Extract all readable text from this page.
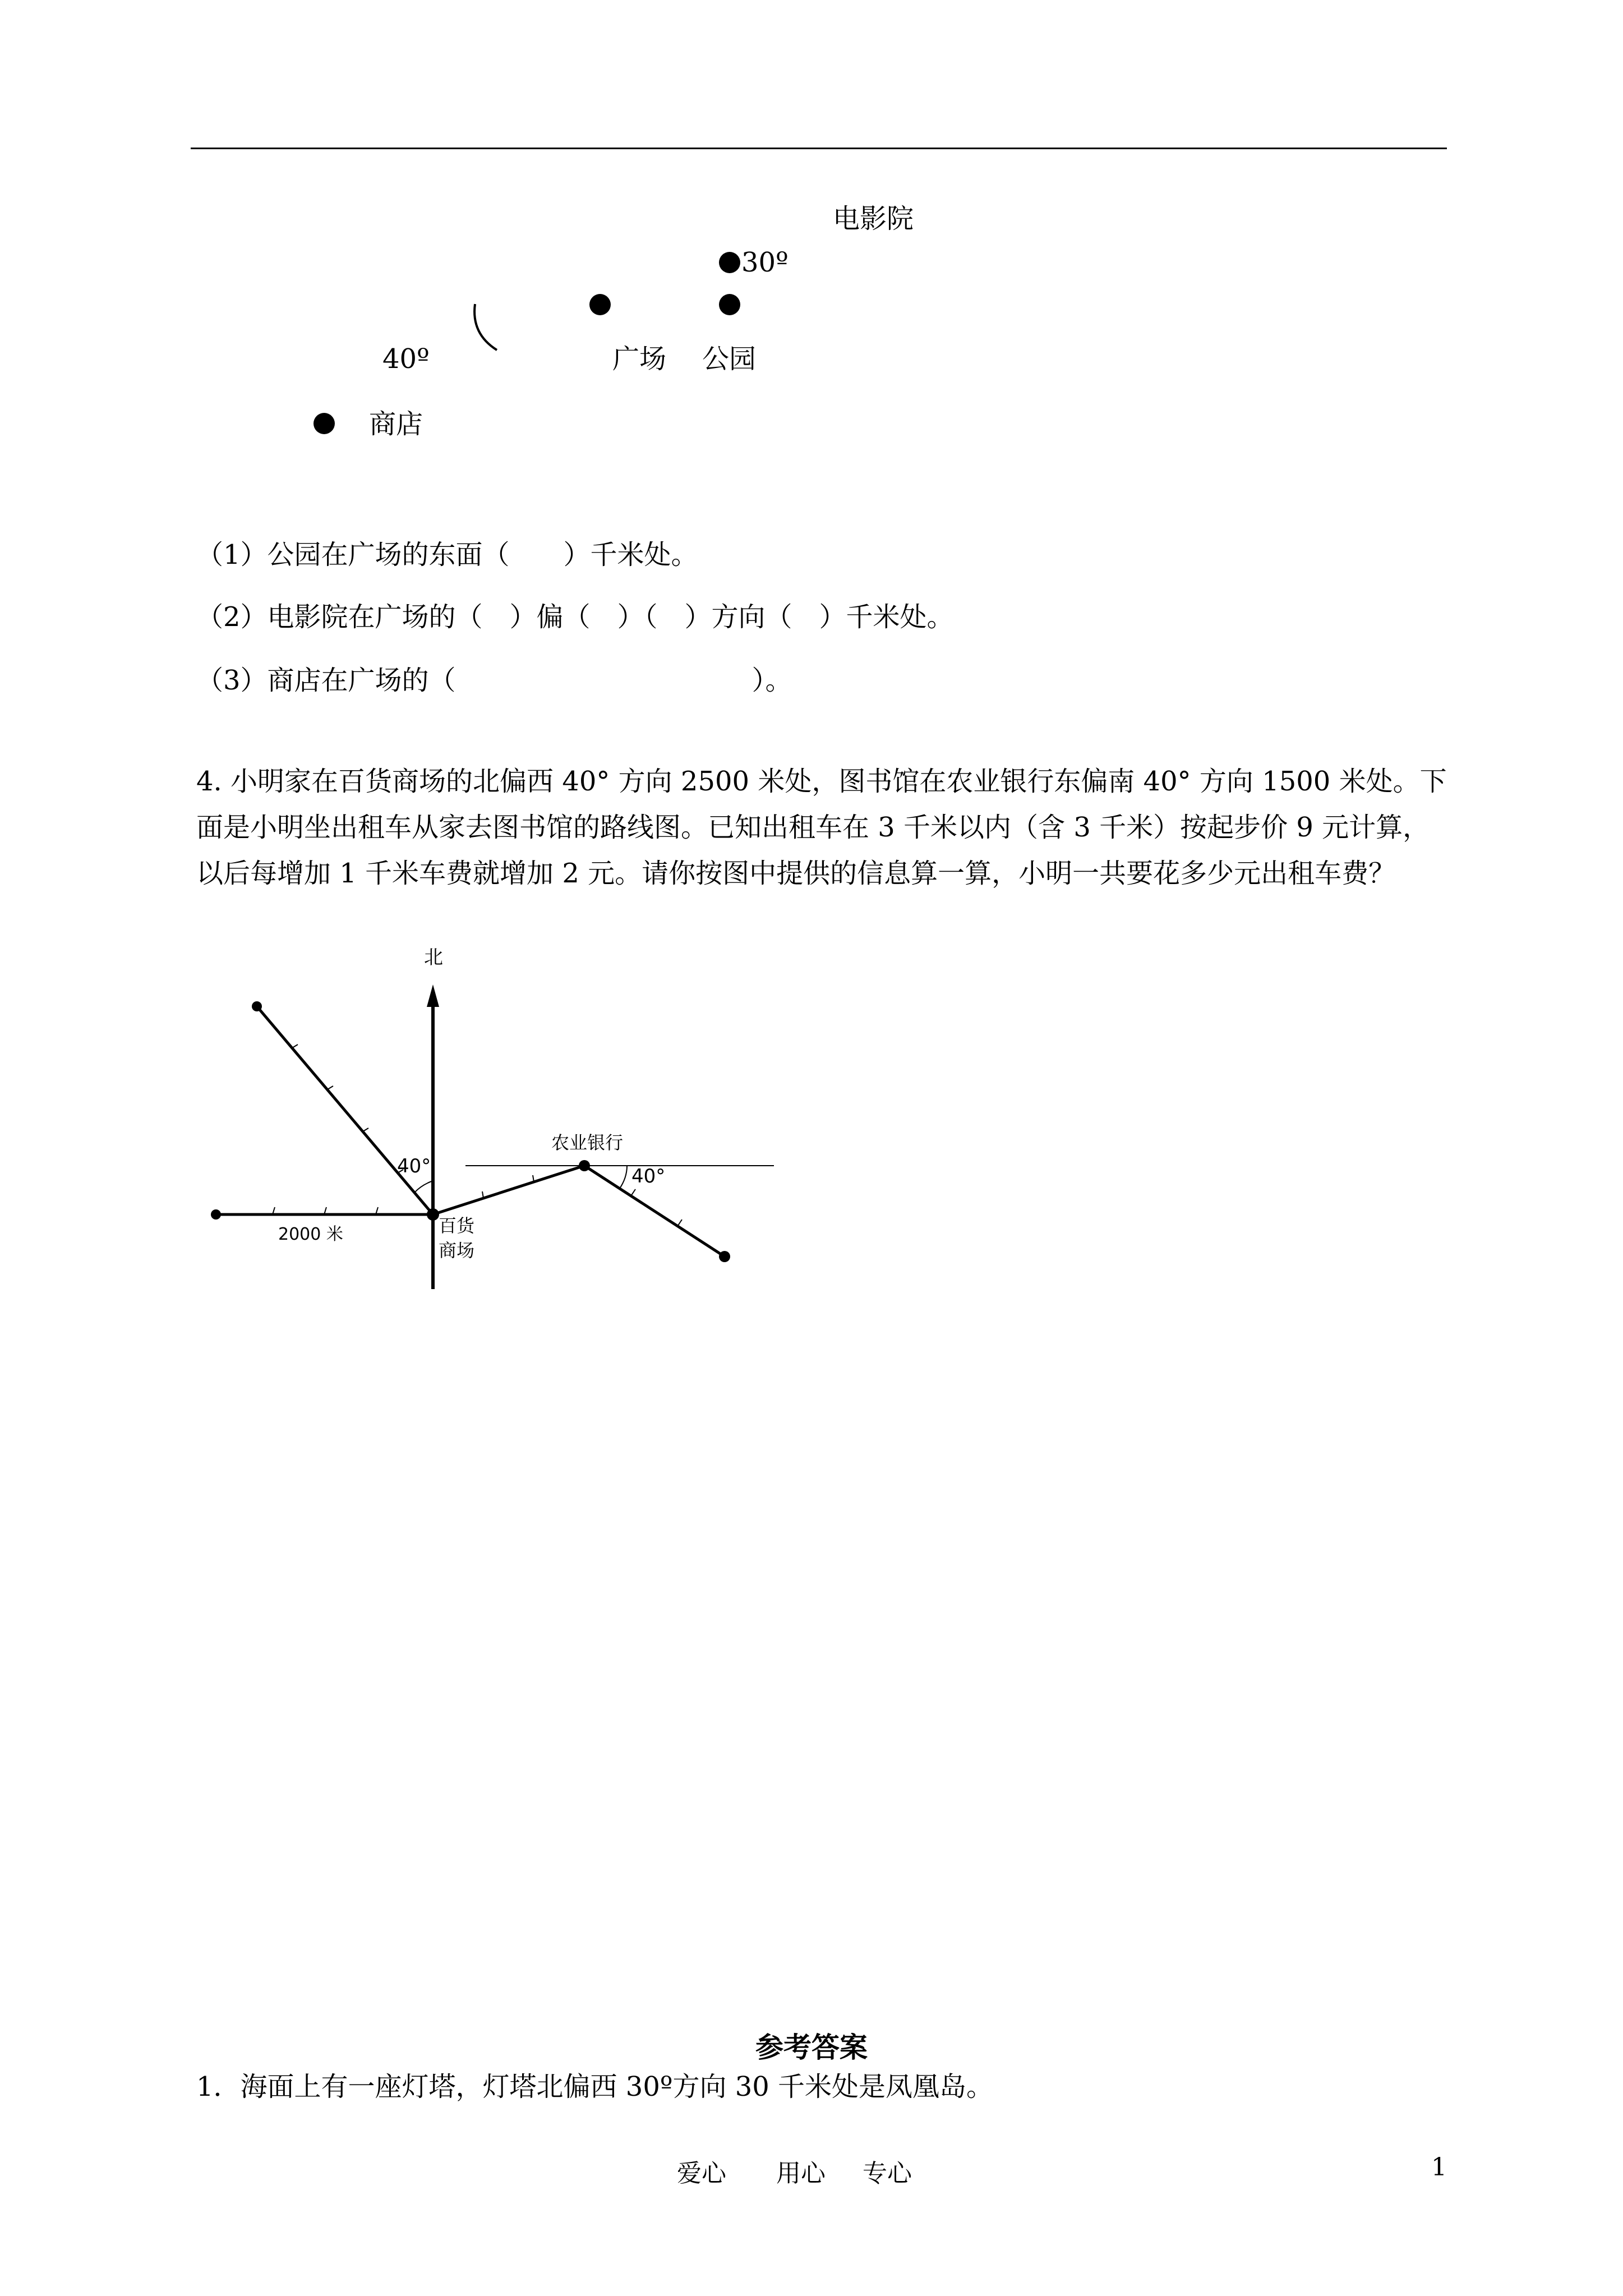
电影院
30º
40º	广场 公园
商店
（1）公园在广场的东面（　　）千米处。
（2）电影院在广场的（　）偏（　）（　）方向（　）千米处。
（3）商店在广场的（　　　　　　　　　　　）。
4. 小明家在百货商场的北偏西 40° 方向 2500 米处，图书馆在农业银行东偏南 40° 方向 1500 米处。下面是小明坐出租车从家去图书馆的路线图。已知出租车在 3 千米以内（含 3 千米）按起步价 9 元计算，以后每增加 1 千米车费就增加 2 元。请你按图中提供的信息算一算，小明一共要花多少元出租车费？
北
40°
农业银行
40°
2000 米	百货
商场
参考答案
1．海面上有一座灯塔，灯塔北偏西 30º方向 30 千米处是凤凰岛。
爱心 用心 专心	1
